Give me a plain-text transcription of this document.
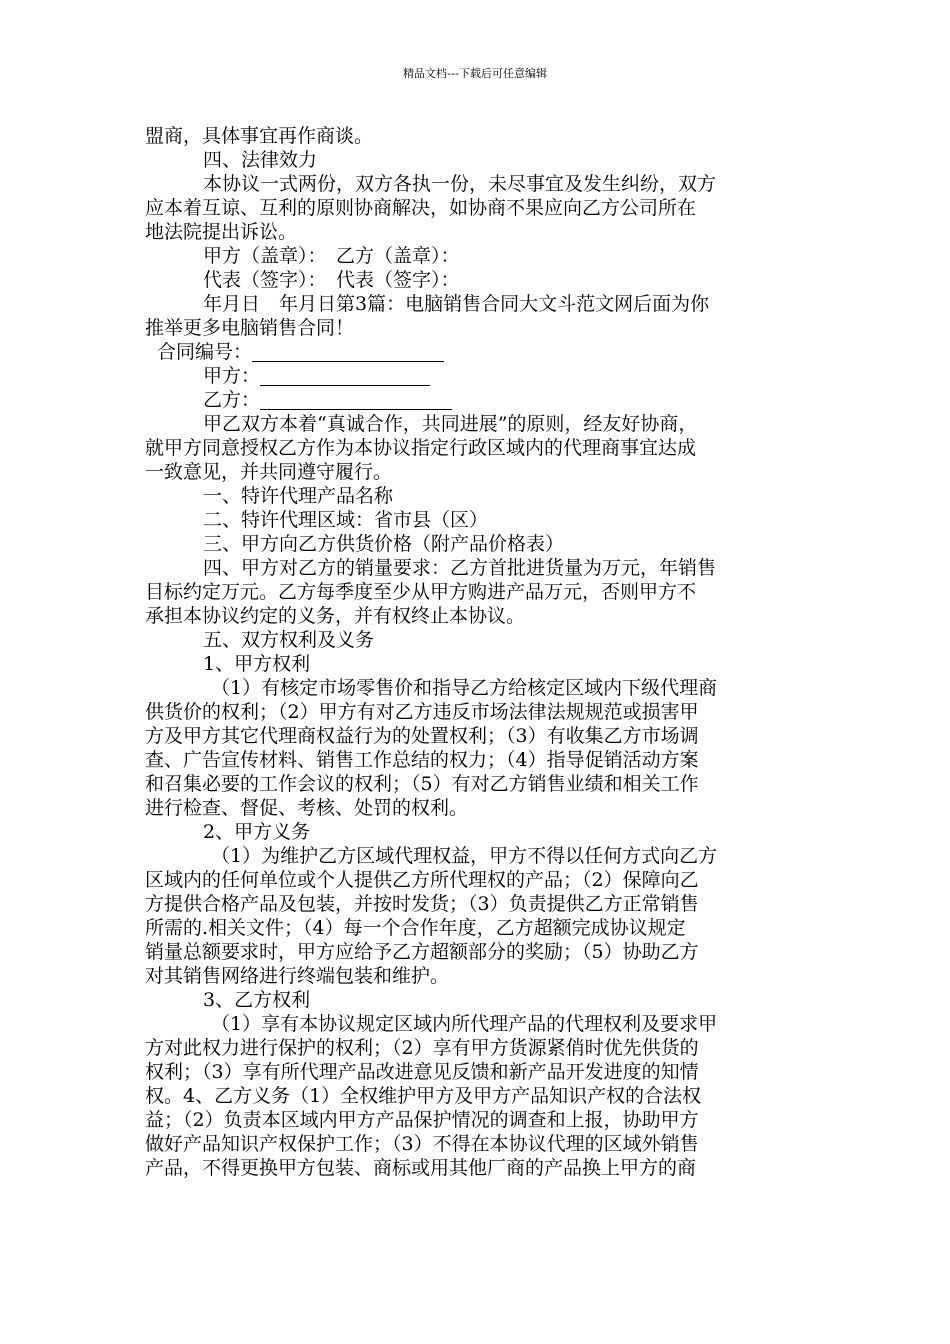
精品文档---下载后可任意编辑
盟商，具体事宜再作商谈。
四、法律效力
本协议一式两份，双方各执一份，未尽事宜及发生纠纷，双方
应本着互谅、互利的原则协商解决，如协商不果应向乙方公司所在
地法院提出诉讼。
甲方（盖章）：　乙方（盖章）：
代表（签字）：　代表（签字）：
年月日　年月日第3篇：电脑销售合同大文斗范文网后面为你
推举更多电脑销售合同！
合同编号：
甲方：
乙方：
甲乙双方本着“真诚合作，共同进展”的原则，经友好协商，
就甲方同意授权乙方作为本协议指定行政区域内的代理商事宜达成
一致意见，并共同遵守履行。
一、特许代理产品名称
二、特许代理区域：省市县（区）
三、甲方向乙方供货价格（附产品价格表）
四、甲方对乙方的销量要求：乙方首批进货量为万元，年销售
目标约定万元。乙方每季度至少从甲方购进产品万元，否则甲方不
承担本协议约定的义务，并有权终止本协议。
五、双方权利及义务
1、甲方权利
（1）有核定市场零售价和指导乙方给核定区域内下级代理商
供货价的权利；（2）甲方有对乙方违反市场法律法规规范或损害甲
方及甲方其它代理商权益行为的处置权利；（3）有收集乙方市场调
查、广告宣传材料、销售工作总结的权力；（4）指导促销活动方案
和召集必要的工作会议的权利；（5）有对乙方销售业绩和相关工作
进行检查、督促、考核、处罚的权利。
2、甲方义务
（1）为维护乙方区域代理权益，甲方不得以任何方式向乙方
区域内的任何单位或个人提供乙方所代理权的产品；（2）保障向乙
方提供合格产品及包装，并按时发货；（3）负责提供乙方正常销售
所需的.相关文件；（4）每一个合作年度，乙方超额完成协议规定
销量总额要求时，甲方应给予乙方超额部分的奖励；（5）协助乙方
对其销售网络进行终端包装和维护。
3、乙方权利
（1）享有本协议规定区域内所代理产品的代理权利及要求甲
方对此权力进行保护的权利；（2）享有甲方货源紧俏时优先供货的
权利；（3）享有所代理产品改进意见反馈和新产品开发进度的知情
权。4、乙方义务（1）全权维护甲方及甲方产品知识产权的合法权
益；（2）负责本区域内甲方产品保护情况的调查和上报，协助甲方
做好产品知识产权保护工作；（3）不得在本协议代理的区域外销售
产品，不得更换甲方包装、商标或用其他厂商的产品换上甲方的商
